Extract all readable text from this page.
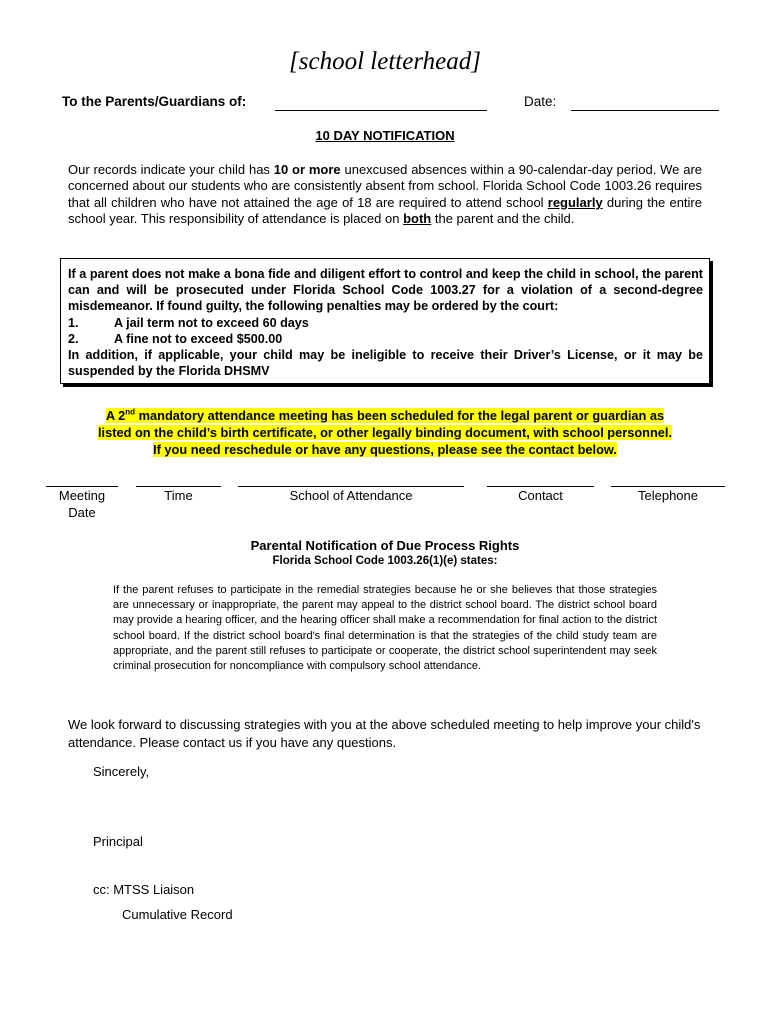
[school letterhead]
To the Parents/Guardians of:	Date:
10 DAY NOTIFICATION
Our records indicate your child has 10 or more unexcused absences within a 90-calendar-day period. We are concerned about our students who are consistently absent from school. Florida School Code 1003.26 requires that all children who have not attained the age of 18 are required to attend school regularly during the entire school year. This responsibility of attendance is placed on both the parent and the child.
If a parent does not make a bona fide and diligent effort to control and keep the child in school, the parent can and will be prosecuted under Florida School Code 1003.27 for a violation of a second-degree misdemeanor. If found guilty, the following penalties may be ordered by the court:
1.	A jail term not to exceed 60 days
2.	A fine not to exceed $500.00
In addition, if applicable, your child may be ineligible to receive their Driver’s License, or it may be suspended by the Florida DHSMV
A 2nd mandatory attendance meeting has been scheduled for the legal parent or guardian as
listed on the child’s birth certificate, or other legally binding document, with school personnel.
If you need reschedule or have any questions, please see the contact below.
Meeting
Date
Time	School of Attendance	Contact	Telephone
Parental Notification of Due Process Rights
Florida School Code 1003.26(1)(e) states:
If the parent refuses to participate in the remedial strategies because he or she believes that those strategies are unnecessary or inappropriate, the parent may appeal to the district school board. The district school board may provide a hearing officer, and the hearing officer shall make a recommendation for final action to the district school board. If the district school board's final determination is that the strategies of the child study team are appropriate, and the parent still refuses to participate or cooperate, the district school superintendent may seek criminal prosecution for noncompliance with compulsory school attendance.
We look forward to discussing strategies with you at the above scheduled meeting to help improve your child's attendance. Please contact us if you have any questions.
Sincerely,
Principal
cc: MTSS Liaison
Cumulative Record
